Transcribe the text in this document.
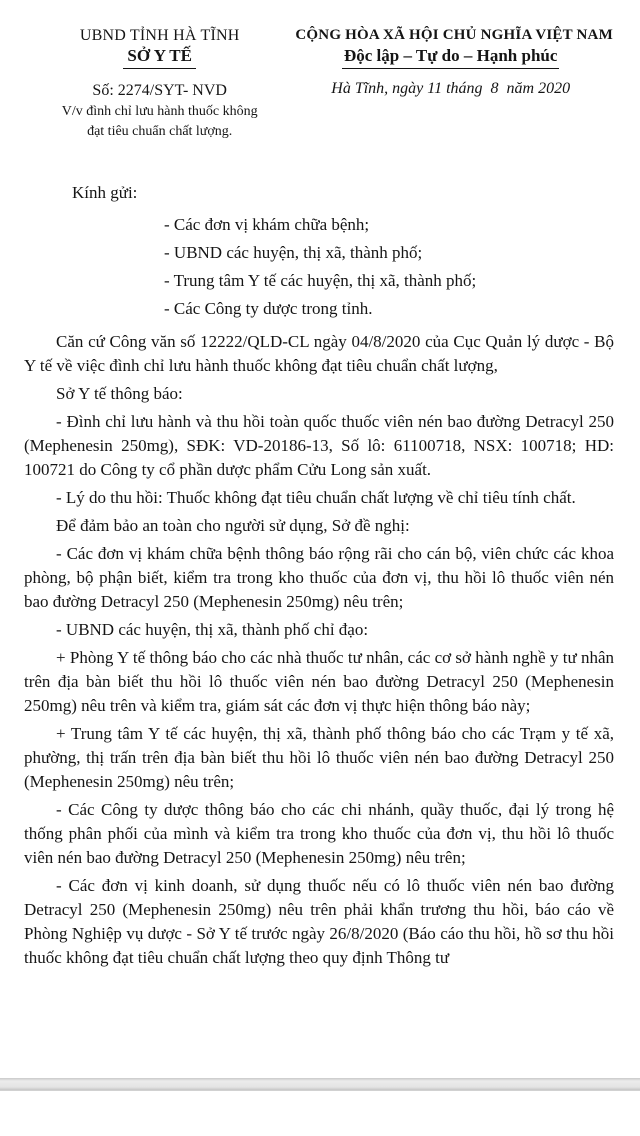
UBND TỈNH HÀ TĨNH
SỞ Y TẾ
Số: 2274/SYT- NVD
V/v đình chỉ lưu hành thuốc không
đạt tiêu chuẩn chất lượng.
CỘNG HÒA XÃ HỘI CHỦ NGHĨA VIỆT NAM
Độc lập – Tự do – Hạnh phúc
Hà Tĩnh, ngày 11 tháng  8  năm 2020
Kính gửi:
- Các đơn vị khám chữa bệnh;
- UBND các huyện, thị xã, thành phố;
- Trung tâm Y tế các huyện, thị xã, thành phố;
- Các Công ty dược trong tỉnh.

Căn cứ Công văn số 12222/QLD-CL ngày 04/8/2020 của Cục Quản lý dược - Bộ Y tế về việc đình chỉ lưu hành thuốc không đạt tiêu chuẩn chất lượng,

Sở Y tế thông báo:

- Đình chỉ lưu hành và thu hồi toàn quốc thuốc viên nén bao đường Detracyl 250 (Mephenesin 250mg), SĐK: VD-20186-13, Số lô: 61100718, NSX: 100718; HD: 100721 do Công ty cổ phần dược phẩm Cửu Long sản xuất.

- Lý do thu hồi: Thuốc không đạt tiêu chuẩn chất lượng về chỉ tiêu tính chất.

Để đảm bảo an toàn cho người sử dụng, Sở đề nghị:

- Các đơn vị khám chữa bệnh thông báo rộng rãi cho cán bộ, viên chức các khoa phòng, bộ phận biết, kiểm tra trong kho thuốc của đơn vị, thu hồi lô thuốc viên nén bao đường Detracyl 250 (Mephenesin 250mg) nêu trên;

- UBND các huyện, thị xã, thành phố chỉ đạo:

+ Phòng Y tế thông báo cho các nhà thuốc tư nhân, các cơ sở hành nghề y tư nhân trên địa bàn biết thu hồi lô thuốc viên nén bao đường Detracyl 250 (Mephenesin 250mg) nêu trên và kiểm tra, giám sát các đơn vị thực hiện thông báo này;

+ Trung tâm Y tế các huyện, thị xã, thành phố thông báo cho các Trạm y tế xã, phường, thị trấn trên địa bàn biết thu hồi lô thuốc viên nén bao đường Detracyl 250 (Mephenesin 250mg) nêu trên;

- Các Công ty dược thông báo cho các chi nhánh, quầy thuốc, đại lý trong hệ thống phân phối của mình và kiểm tra trong kho thuốc của đơn vị, thu hồi lô thuốc viên nén bao đường Detracyl 250 (Mephenesin 250mg) nêu trên;

- Các đơn vị kinh doanh, sử dụng thuốc nếu có lô thuốc viên nén bao đường Detracyl 250 (Mephenesin 250mg) nêu trên phải khẩn trương thu hồi, báo cáo về Phòng Nghiệp vụ dược - Sở Y tế trước ngày 26/8/2020 (Báo cáo thu hồi, hồ sơ thu hồi thuốc không đạt tiêu chuẩn chất lượng theo quy định Thông tư
